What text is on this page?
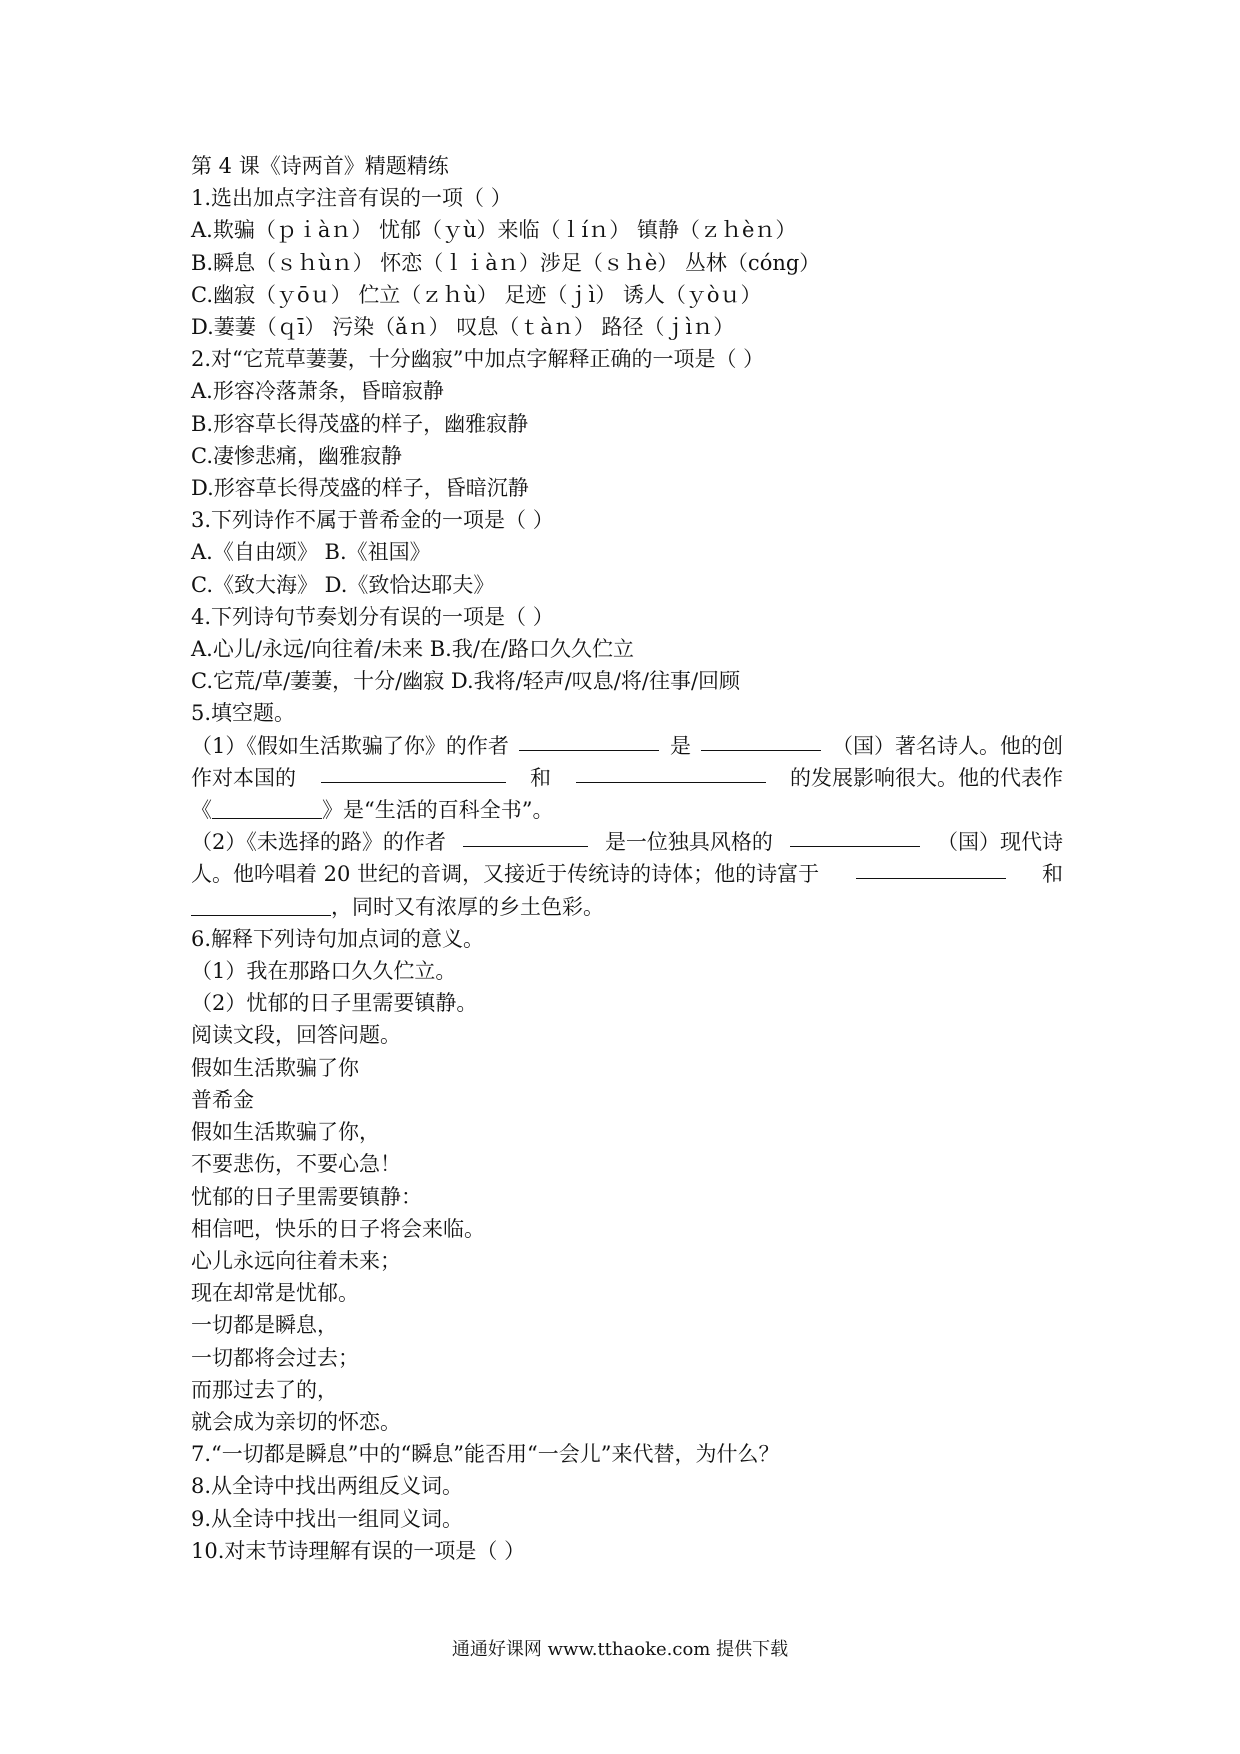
第 4 课《诗两首》精题精练
1.选出加点字注音有误的一项（ ）
A.欺骗（ｐｉàｎ） 忧郁（ｙù）来临（ｌíｎ） 镇静（ｚｈèｎ）
B.瞬息（ｓｈùｎ） 怀恋（ｌｉàｎ）涉足（ｓｈè） 丛林（cóng）
C.幽寂（ｙōｕ） 伫立（ｚｈù） 足迹（ｊì） 诱人（ｙòｕ）
D.萋萋（ｑī） 污染（ǎｎ） 叹息（ｔàｎ） 路径（ｊìｎ）
2.对“它荒草萋萋，十分幽寂”中加点字解释正确的一项是（ ）
A.形容冷落萧条，昏暗寂静
B.形容草长得茂盛的样子，幽雅寂静
C.凄惨悲痛，幽雅寂静
D.形容草长得茂盛的样子，昏暗沉静
3.下列诗作不属于普希金的一项是（ ）
A.《自由颂》 B.《祖国》
C.《致大海》 D.《致恰达耶夫》
4.下列诗句节奏划分有误的一项是（ ）
A.心儿/永远/向往着/未来 B.我/在/路口久久伫立
C.它荒/草/萋萋，十分/幽寂 D.我将/轻声/叹息/将/往事/回顾
5.填空题。
（1）《假如生活欺骗了你》的作者	是	（国）著名诗人。他的创
作对本国的	和	的发展影响很大。他的代表作
《	》是“生活的百科全书”。
（2）《未选择的路》的作者	是一位独具风格的	（国）现代诗
人。他吟唱着 20 世纪的音调，又接近于传统诗的诗体；他的诗富于	和
，同时又有浓厚的乡土色彩。
6.解释下列诗句加点词的意义。
（1）我在那路口久久伫立。
（2）忧郁的日子里需要镇静。
阅读文段，回答问题。
假如生活欺骗了你
普希金
假如生活欺骗了你，
不要悲伤，不要心急！
忧郁的日子里需要镇静：
相信吧，快乐的日子将会来临。
心儿永远向往着未来；
现在却常是忧郁。
一切都是瞬息，
一切都将会过去；
而那过去了的，
就会成为亲切的怀恋。
7.“一切都是瞬息”中的“瞬息”能否用“一会儿”来代替，为什么？
8.从全诗中找出两组反义词。
9.从全诗中找出一组同义词。
10.对末节诗理解有误的一项是（ ）
通通好课网 www.tthaoke.com 提供下载
